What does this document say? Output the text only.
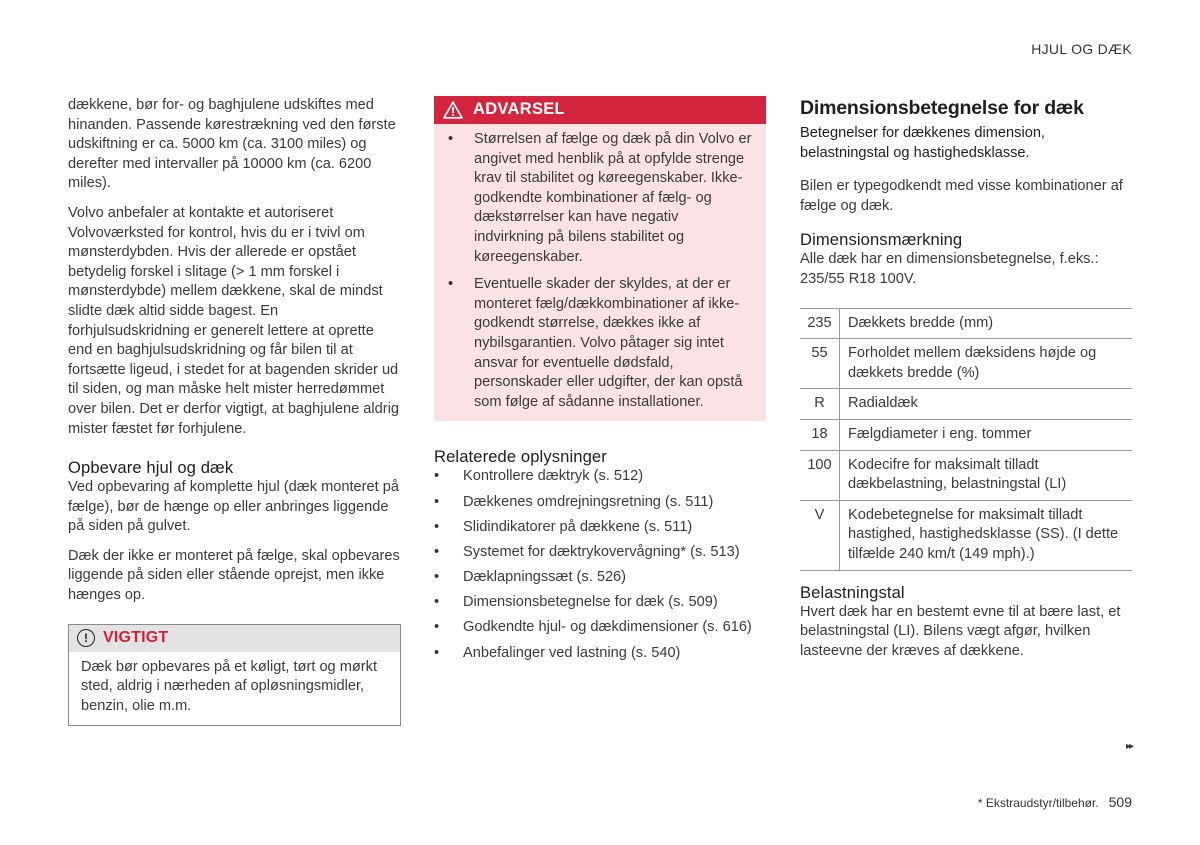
HJUL OG DÆK

dækkene, bør for- og baghjulene udskiftes med hinanden. Passende kørestrækning ved den første udskiftning er ca. 5000 km (ca. 3100 miles) og derefter med intervaller på 10000 km (ca. 6200 miles).

Volvo anbefaler at kontakte et autoriseret Volvoværksted for kontrol, hvis du er i tvivl om mønsterdybden. Hvis der allerede er opstået betydelig forskel i slitage (> 1 mm forskel i mønsterdybde) mellem dækkene, skal de mindst slidte dæk altid sidde bagest. En forhjulsudskridning er generelt lettere at oprette end en baghjulsudskridning og får bilen til at fortsætte ligeud, i stedet for at bagenden skrider ud til siden, og man måske helt mister herredømmet over bilen. Det er derfor vigtigt, at baghjulene aldrig mister fæstet før forhjulene.

Opbevare hjul og dæk

Ved opbevaring af komplette hjul (dæk monteret på fælge), bør de hænge op eller anbringes liggende på siden på gulvet.

Dæk der ikke er monteret på fælge, skal opbevares liggende på siden eller stående oprejst, men ikke hænges op.

! VIGTIGT
Dæk bør opbevares på et køligt, tørt og mørkt sted, aldrig i nærheden af opløsningsmidler, benzin, olie m.m.
ADVARSEL
• Størrelsen af fælge og dæk på din Volvo er angivet med henblik på at opfylde strenge krav til stabilitet og køreegenskaber. Ikke-godkendte kombinationer af fælg- og dækstørrelser kan have negativ indvirkning på bilens stabilitet og køreegenskaber.
• Eventuelle skader der skyldes, at der er monteret fælg/dækkombinationer af ikke-godkendt størrelse, dækkes ikke af nybilsgarantien. Volvo påtager sig intet ansvar for eventuelle dødsfald, personskader eller udgifter, der kan opstå som følge af sådanne installationer.
Relaterede oplysninger
• Kontrollere dæktryk (s. 512)
• Dækkenes omdrejningsretning (s. 511)
• Slidindikatorer på dækkene (s. 511)
• Systemet for dæktrykovervågning* (s. 513)
• Dæklapningssæt (s. 526)
• Dimensionsbetegnelse for dæk (s. 509)
• Godkendte hjul- og dækdimensioner (s. 616)
• Anbefalinger ved lastning (s. 540)
Dimensionsbetegnelse for dæk

Betegnelser for dækkenes dimension, belastningstal og hastighedsklasse.

Bilen er typegodkendt med visse kombinationer af fælge og dæk.

Dimensionsmærkning

Alle dæk har en dimensionsbetegnelse, f.eks.: 235/55 R18 100V.

235	Dækkets bredde (mm)
55	Forholdet mellem dæksidens højde og dækkets bredde (%)
R	Radialdæk
18	Fælgdiameter i eng. tommer
100	Kodecifre for maksimalt tilladt dækbelastning, belastningstal (LI)
V	Kodebetegnelse for maksimalt tilladt hastighed, hastighedsklasse (SS). (I dette tilfælde 240 km/t (149 mph).)
Belastningstal

Hvert dæk har en bestemt evne til at bære last, et belastningstal (LI). Bilens vægt afgør, hvilken lasteevne der kræves af dækkene.

▸▸
* Ekstraudstyr/tilbehør. 509
